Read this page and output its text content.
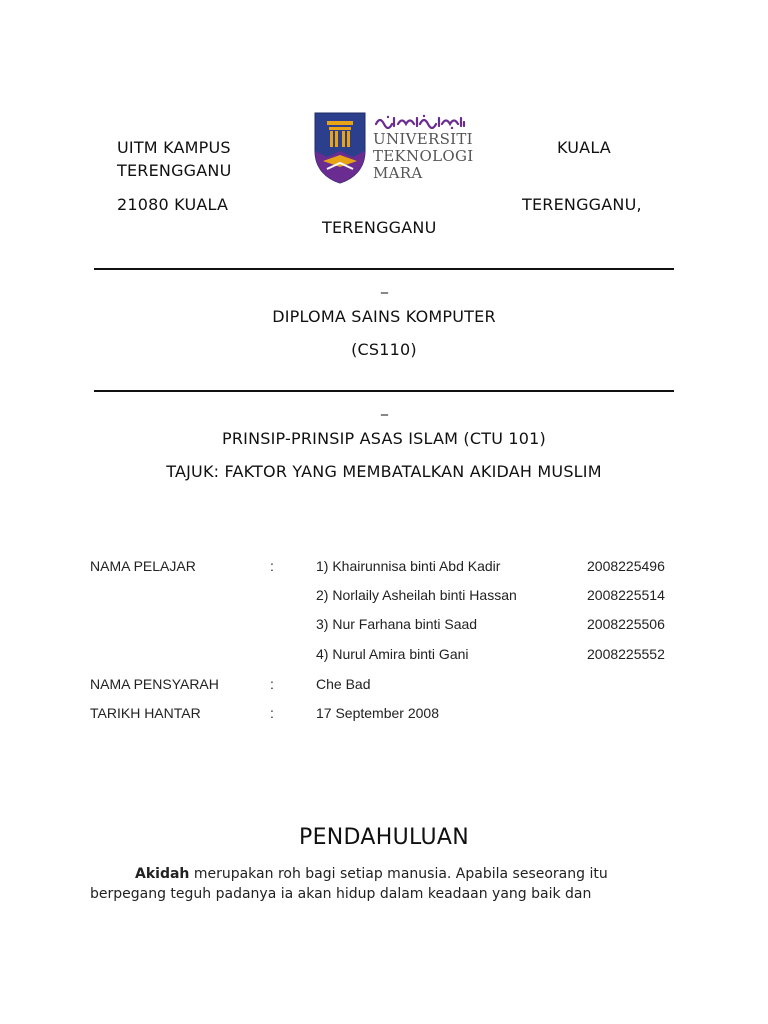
UITM KAMPUS
TERENGGANU
KUALA
UNIVERSITI
TEKNOLOGI
MARA
21080 KUALA	TERENGGANU,
TERENGGANU
_
DIPLOMA SAINS KOMPUTER
(CS110)
_
PRINSIP-PRINSIP ASAS ISLAM (CTU 101)
TAJUK: FAKTOR YANG MEMBATALKAN AKIDAH MUSLIM
NAMA PELAJAR	:	1) Khairunnisa binti Abd Kadir	2008225496
2) Norlaily Asheilah binti Hassan	2008225514
3) Nur Farhana binti Saad	2008225506
4) Nurul Amira binti Gani	2008225552
NAMA PENSYARAH	:	Che Bad
TARIKH HANTAR	:	17 September 2008
PENDAHULUAN
Akidah merupakan roh bagi setiap manusia. Apabila seseorang itu
berpegang teguh padanya ia akan hidup dalam keadaan yang baik dan
